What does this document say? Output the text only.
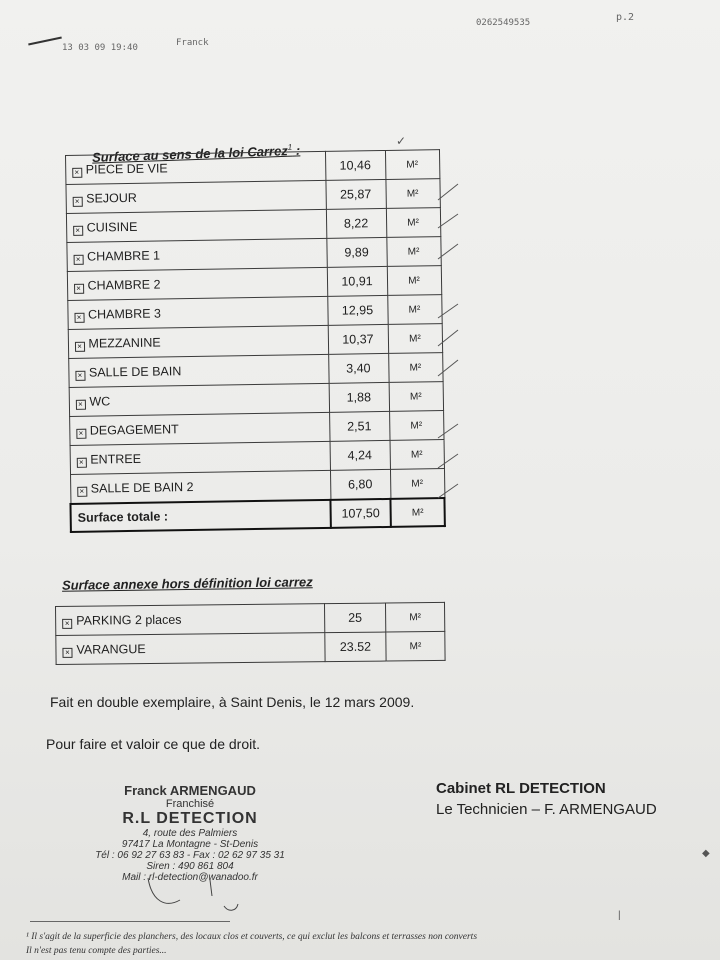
13 03 09 19:40	Franck
0262549535	p.2
Surface au sens de la loi Carrez$^1$ :
✓
× PIECE DE VIE	10,46	M²
× SEJOUR	25,87	M²
× CUISINE	8,22	M²
× CHAMBRE 1	9,89	M²
× CHAMBRE 2	10,91	M²
× CHAMBRE 3	12,95	M²
× MEZZANINE	10,37	M²
× SALLE DE BAIN	3,40	M²
× WC	1,88	M²
× DEGAGEMENT	2,51	M²
× ENTREE	4,24	M²
× SALLE DE BAIN 2	6,80	M²
Surface totale :	107,50	M²
Surface annexe hors définition loi carrez
× PARKING 2 places	25	M²
× VARANGUE	23.52	M²
Fait en double exemplaire, à Saint Denis, le 12 mars 2009.
Pour faire et valoir ce que de droit.
Franck ARMENGAUD
Franchisé
R.L DETECTION
4, route des Palmiers
97417 La Montagne - St-Denis
Tél : 06 92 27 63 83 - Fax : 02 62 97 35 31
Siren : 490 861 804
Mail : rl-detection@wanadoo.fr
Cabinet RL DETECTION
Le Technicien – F. ARMENGAUD
◆
|
¹ Il s'agit de la superficie des planchers, des locaux clos et couverts, ce qui exclut les balcons et terrasses non converts
Il n'est pas tenu compte des parties...
